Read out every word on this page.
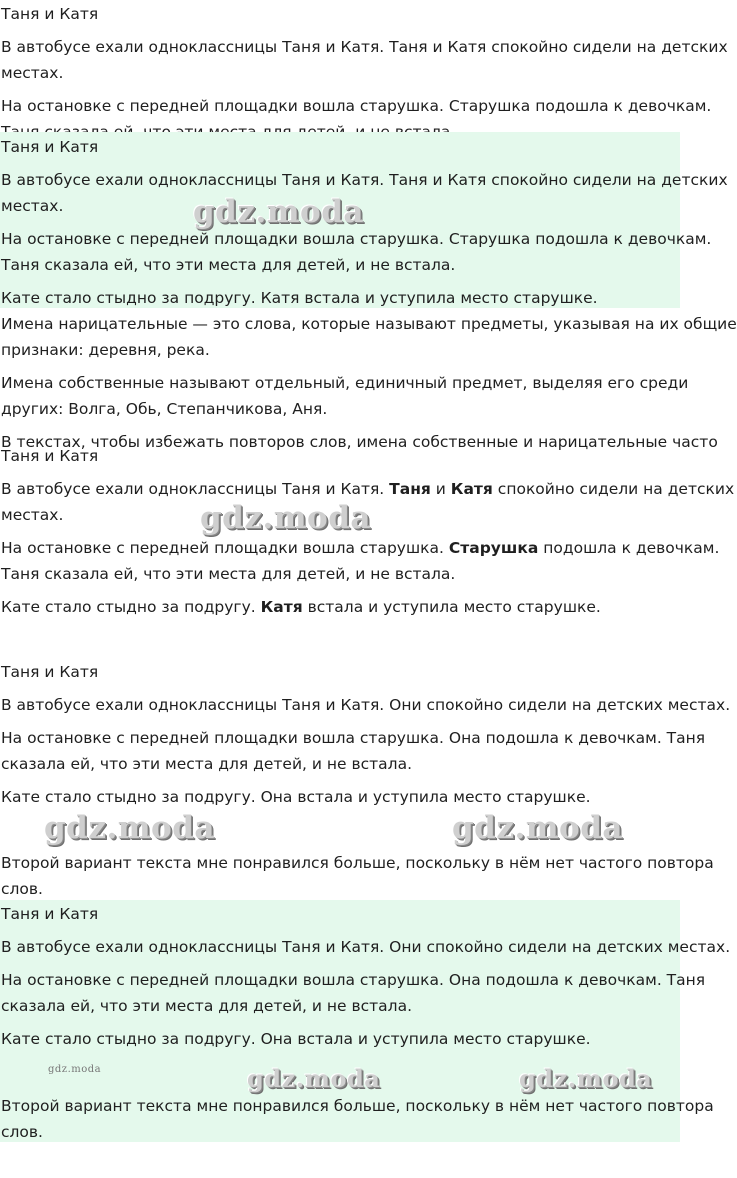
Таня и Катя
В автобусе ехали одноклассницы Таня и Катя. Таня и Катя спокойно сидели на детских
местах.
На остановке с передней площадки вошла старушка. Старушка подошла к девочкам.
Таня и Катя
В автобусе ехали одноклассницы Таня и Катя. Таня и Катя спокойно сидели на детских
местах.
На остановке с передней площадки вошла старушка. Старушка подошла к девочкам.
Таня сказала ей, что эти места для детей, и не встала.
Кате стало стыдно за подругу. Катя встала и уступила место старушке.
gdz.moda
Имена нарицательные — это слова, которые называют предметы, указывая на их общие
признаки: деревня, река.
Имена собственные называют отдельный, единичный предмет, выделяя его среди
других: Волга, Обь, Степанчикова, Аня.
В текстах, чтобы избежать повторов слов, имена собственные и нарицательные часто
Таня и Катя
В автобусе ехали одноклассницы Таня и Катя. Таня и Катя спокойно сидели на детских
местах.
На остановке с передней площадки вошла старушка. Старушка подошла к девочкам.
Таня сказала ей, что эти места для детей, и не встала.
Кате стало стыдно за подругу. Катя встала и уступила место старушке.
gdz.moda
Таня и Катя
В автобусе ехали одноклассницы Таня и Катя. Они спокойно сидели на детских местах.
На остановке с передней площадки вошла старушка. Она подошла к девочкам. Таня
сказала ей, что эти места для детей, и не встала.
Кате стало стыдно за подругу. Она встала и уступила место старушке.
gdz.moda	gdz.moda
Второй вариант текста мне понравился больше, поскольку в нём нет частого повтора
слов.
Таня и Катя
В автобусе ехали одноклассницы Таня и Катя. Они спокойно сидели на детских местах.
На остановке с передней площадки вошла старушка. Она подошла к девочкам. Таня
сказала ей, что эти места для детей, и не встала.
Кате стало стыдно за подругу. Она встала и уступила место старушке.
gdz.moda	gdz.moda	gdz.moda
Второй вариант текста мне понравился больше, поскольку в нём нет частого повтора
слов.
